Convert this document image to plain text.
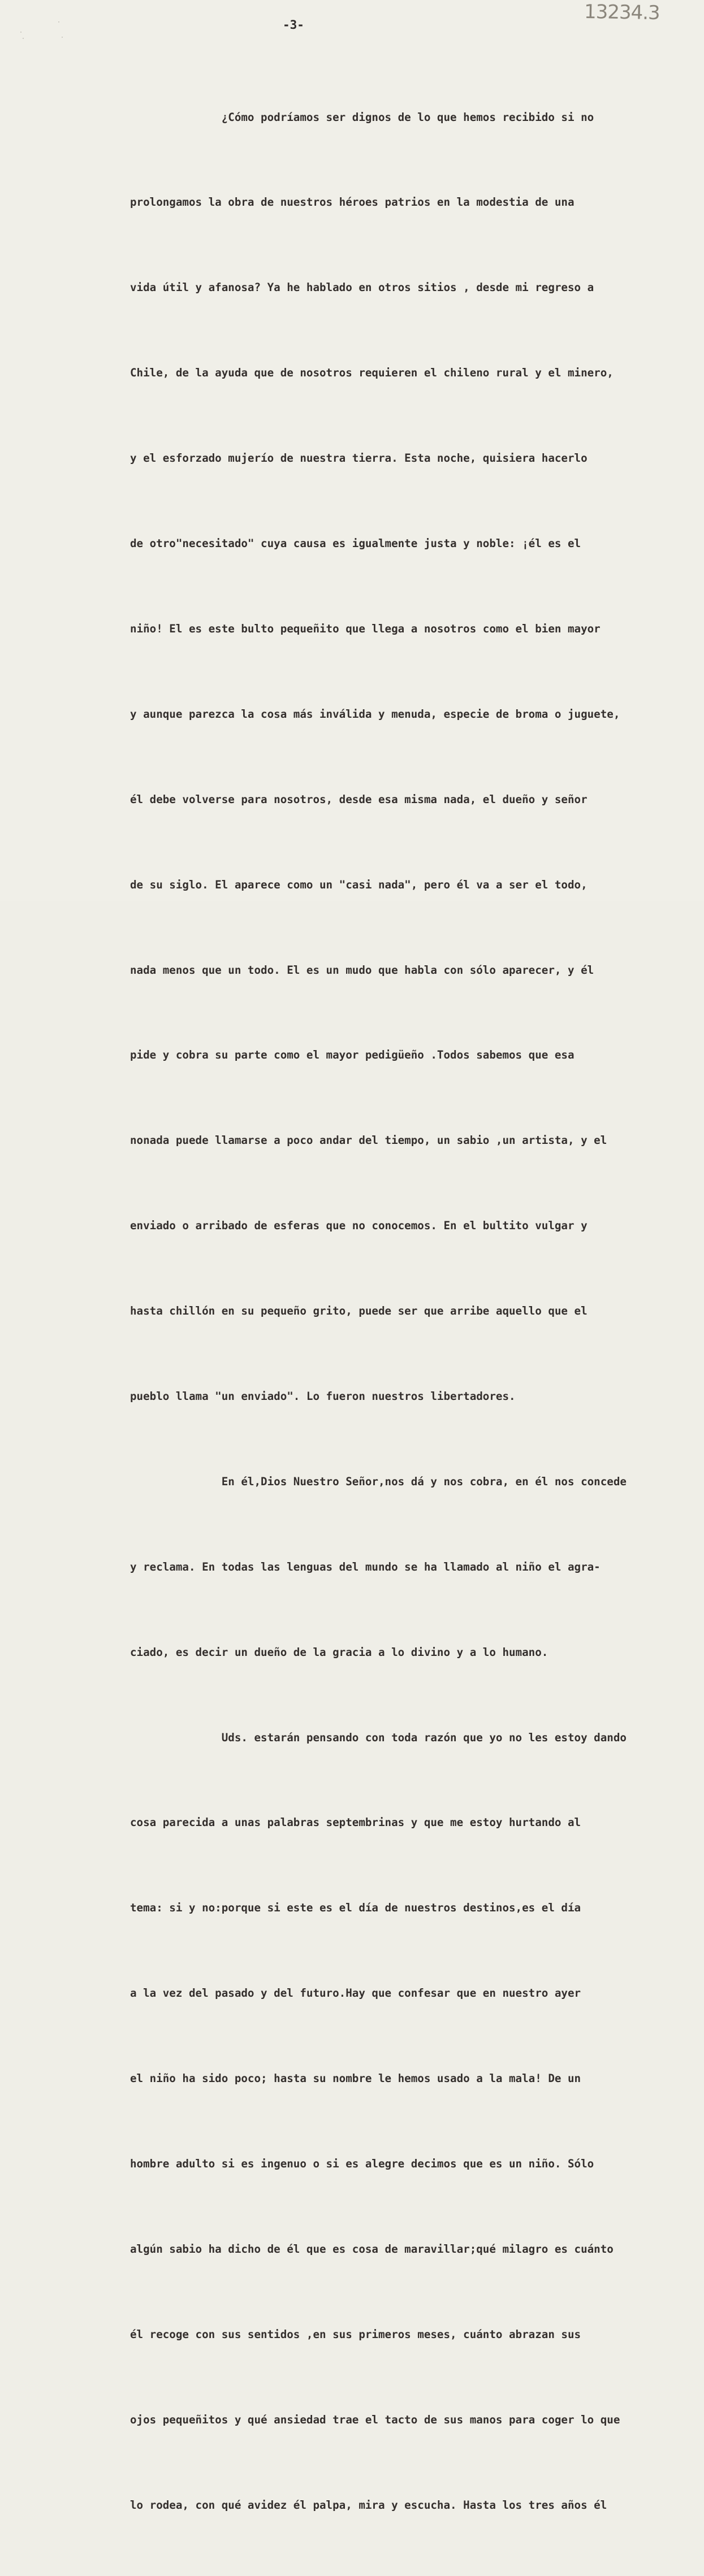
·
·
·
·
13234.3
-3-

¿Cómo podríamos ser dignos de lo que hemos recibido si no

prolongamos la obra de nuestros héroes patrios en la modestia de una

vida útil y afanosa? Ya he hablado en otros sitios , desde mi regreso a

Chile, de la ayuda que de nosotros requieren el chileno rural y el minero,

y el esforzado mujerío de nuestra tierra. Esta noche, quisiera hacerlo

de otro"necesitado" cuya causa es igualmente justa y noble: ¡él es el

niño! El es este bulto pequeñito que llega a nosotros como el bien mayor

y aunque parezca la cosa más inválida y menuda, especie de broma o juguete,

él debe volverse para nosotros, desde esa misma nada, el dueño y señor

de su siglo. El aparece como un "casi nada", pero él va a ser el todo,

nada menos que un todo. El es un mudo que habla con sólo aparecer, y él

pide y cobra su parte como el mayor pedigüeño .Todos sabemos que esa

nonada puede llamarse a poco andar del tiempo, un sabio ,un artista, y el

enviado o arribado de esferas que no conocemos. En el bultito vulgar y

hasta chillón en su pequeño grito, puede ser que arribe aquello que el

pueblo llama "un enviado". Lo fueron nuestros libertadores.

En él,Dios Nuestro Señor,nos dá y nos cobra, en él nos concede

y reclama. En todas las lenguas del mundo se ha llamado al niño el agra-

ciado, es decir un dueño de la gracia a lo divino y a lo humano.

Uds. estarán pensando con toda razón que yo no les estoy dando

cosa parecida a unas palabras septembrinas y que me estoy hurtando al

tema: si y no:porque si este es el día de nuestros destinos,es el día

a la vez del pasado y del futuro.Hay que confesar que en nuestro ayer

el niño ha sido poco; hasta su nombre le hemos usado a la mala! De un

hombre adulto si es ingenuo o si es alegre decimos que es un niño. Sólo

algún sabio ha dicho de él que es cosa de maravillar;qué milagro es cuánto

él recoge con sus sentidos ,en sus primeros meses, cuánto abrazan sus

ojos pequeñitos y qué ansiedad trae el tacto de sus manos para coger lo que

lo rodea, con qué avidez él palpa, mira y escucha. Hasta los tres años él
